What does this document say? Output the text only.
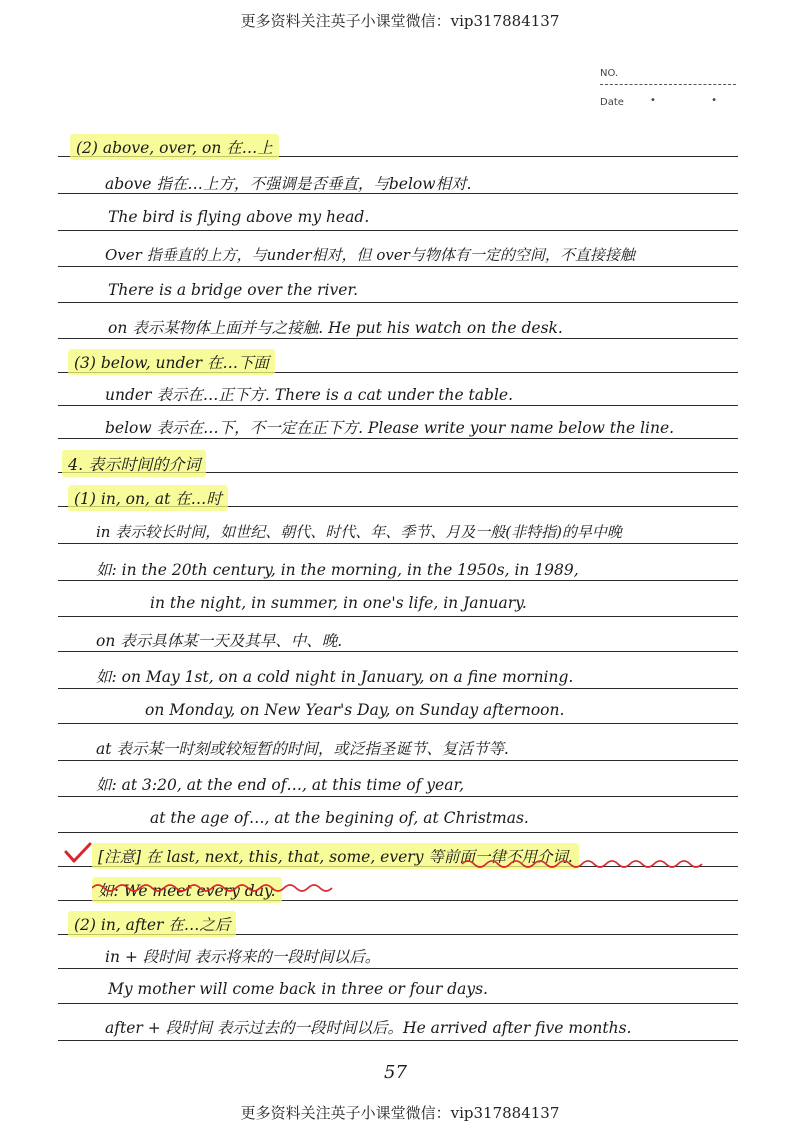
更多资料关注英子小课堂微信：vip317884137
NO.
Date	• •
(2) above, over, on 在…上
above 指在…上方，不强调是否垂直，与below相对.
The bird is flying above my head.
Over 指垂直的上方，与under相对，但 over与物体有一定的空间，不直接接触
There is a bridge over the river.
on 表示某物体上面并与之接触. He put his watch on the desk.
(3) below, under 在…下面
under 表示在…正下方. There is a cat under the table.
below 表示在…下，不一定在正下方. Please write your name below the line.
4. 表示时间的介词
(1) in, on, at 在…时
in 表示较长时间，如世纪、朝代、时代、年、季节、月及一般(非特指)的早中晚
如: in the 20th century, in the morning, in the 1950s, in 1989,
in the night, in summer, in one's life, in January.
on 表示具体某一天及其早、中、晚.
如: on May 1st, on a cold night in January, on a fine morning.
on Monday, on New Year's Day, on Sunday afternoon.
at 表示某一时刻或较短暂的时间，或泛指圣诞节、复活节等.
如: at 3:20, at the end of…, at this time of year,
at the age of…, at the begining of, at Christmas.
[注意] 在 last, next, this, that, some, every 等前面一律不用介词.
如: We meet every day.
(2) in, after 在…之后
in + 段时间 表示将来的一段时间以后。
My mother will come back in three or four days.
after + 段时间 表示过去的一段时间以后。He arrived after five months.
57
更多资料关注英子小课堂微信：vip317884137
